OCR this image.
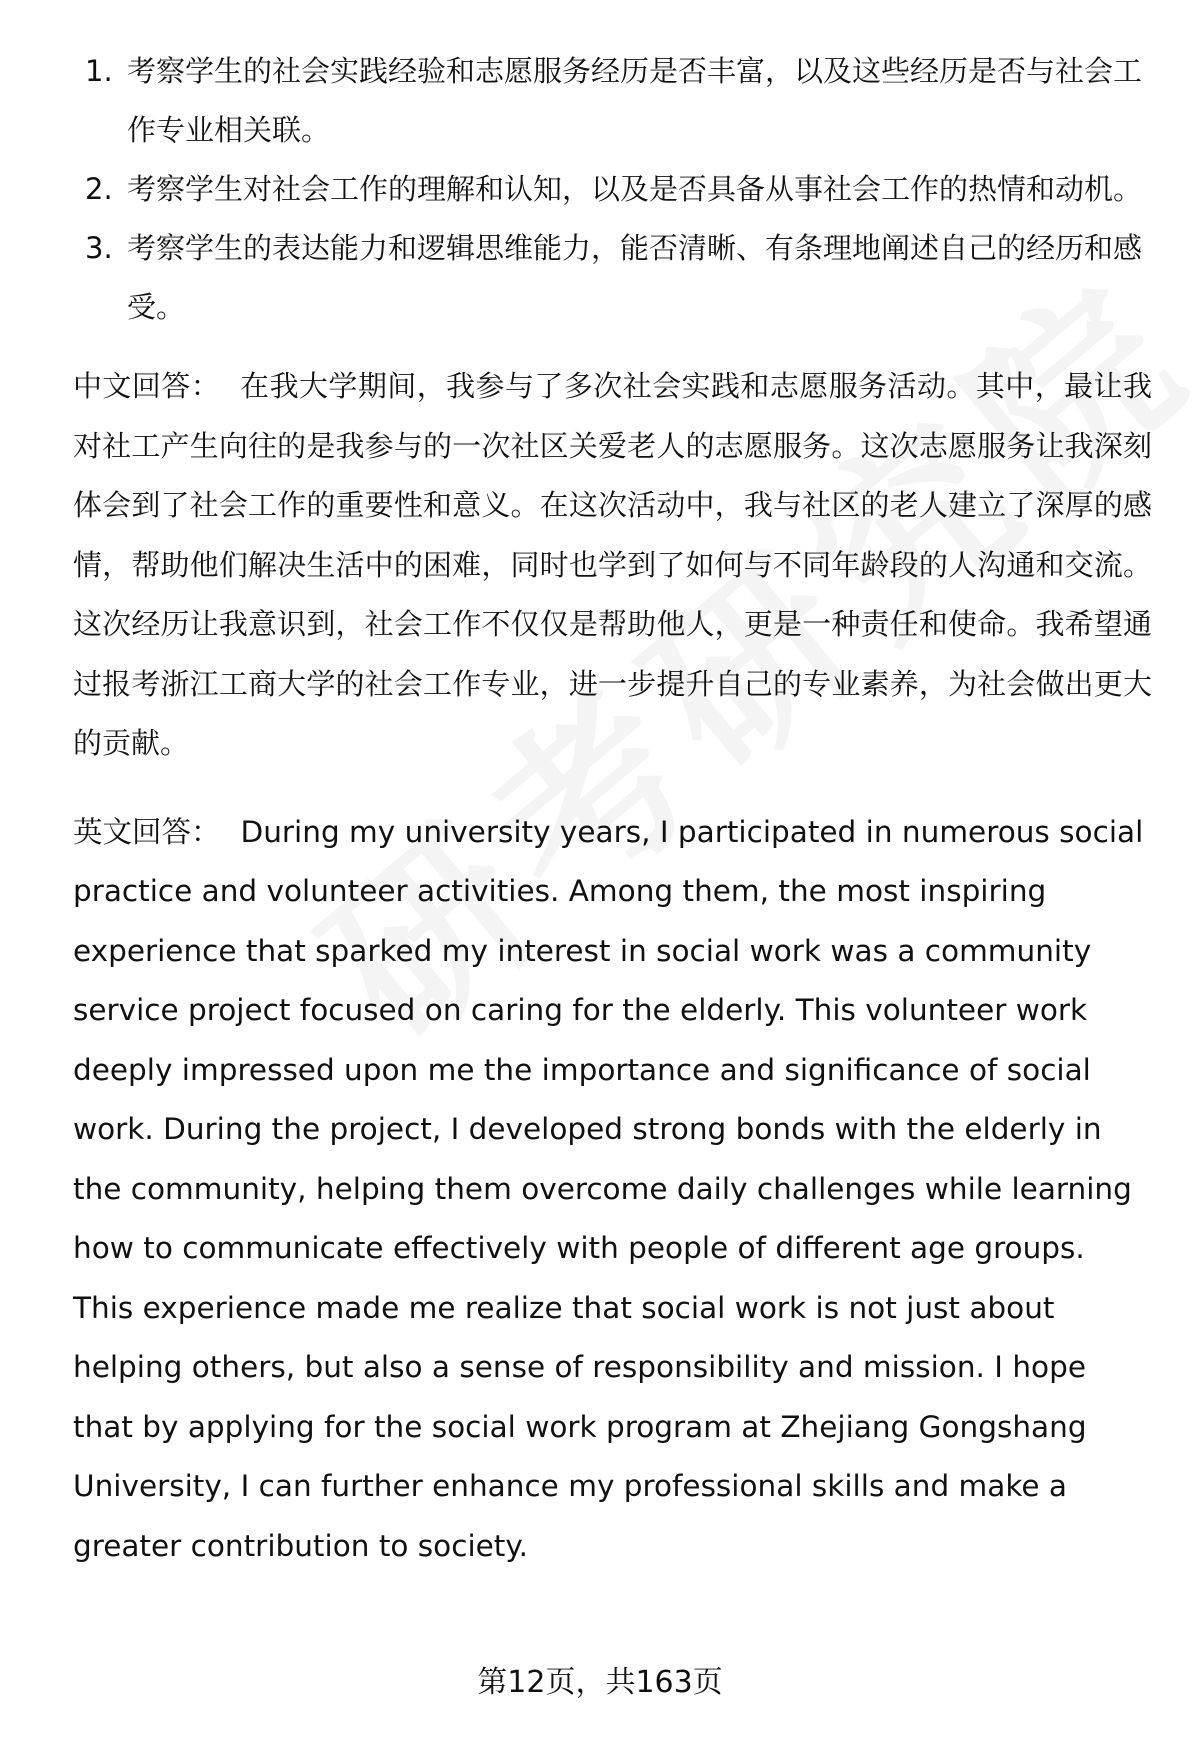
1. 考察学生的社会实践经验和志愿服务经历是否丰富，以及这些经历是否与社会工作专业相关联。
2. 考察学生对社会工作的理解和认知，以及是否具备从事社会工作的热情和动机。
3. 考察学生的表达能力和逻辑思维能力，能否清晰、有条理地阐述自己的经历和感受。

中文回答： 在我大学期间，我参与了多次社会实践和志愿服务活动。其中，最让我对社工产生向往的是我参与的一次社区关爱老人的志愿服务。这次志愿服务让我深刻体会到了社会工作的重要性和意义。在这次活动中，我与社区的老人建立了深厚的感情，帮助他们解决生活中的困难，同时也学到了如何与不同年龄段的人沟通和交流。这次经历让我意识到，社会工作不仅仅是帮助他人，更是一种责任和使命。我希望通过报考浙江工商大学的社会工作专业，进一步提升自己的专业素养，为社会做出更大的贡献。

英文回答： During my university years, I participated in numerous social practice and volunteer activities. Among them, the most inspiring experience that sparked my interest in social work was a community service project focused on caring for the elderly. This volunteer work deeply impressed upon me the importance and significance of social work. During the project, I developed strong bonds with the elderly in the community, helping them overcome daily challenges while learning how to communicate effectively with people of different age groups. This experience made me realize that social work is not just about helping others, but also a sense of responsibility and mission. I hope that by applying for the social work program at Zhejiang Gongshang University, I can further enhance my professional skills and make a greater contribution to society.

第12页，共163页
